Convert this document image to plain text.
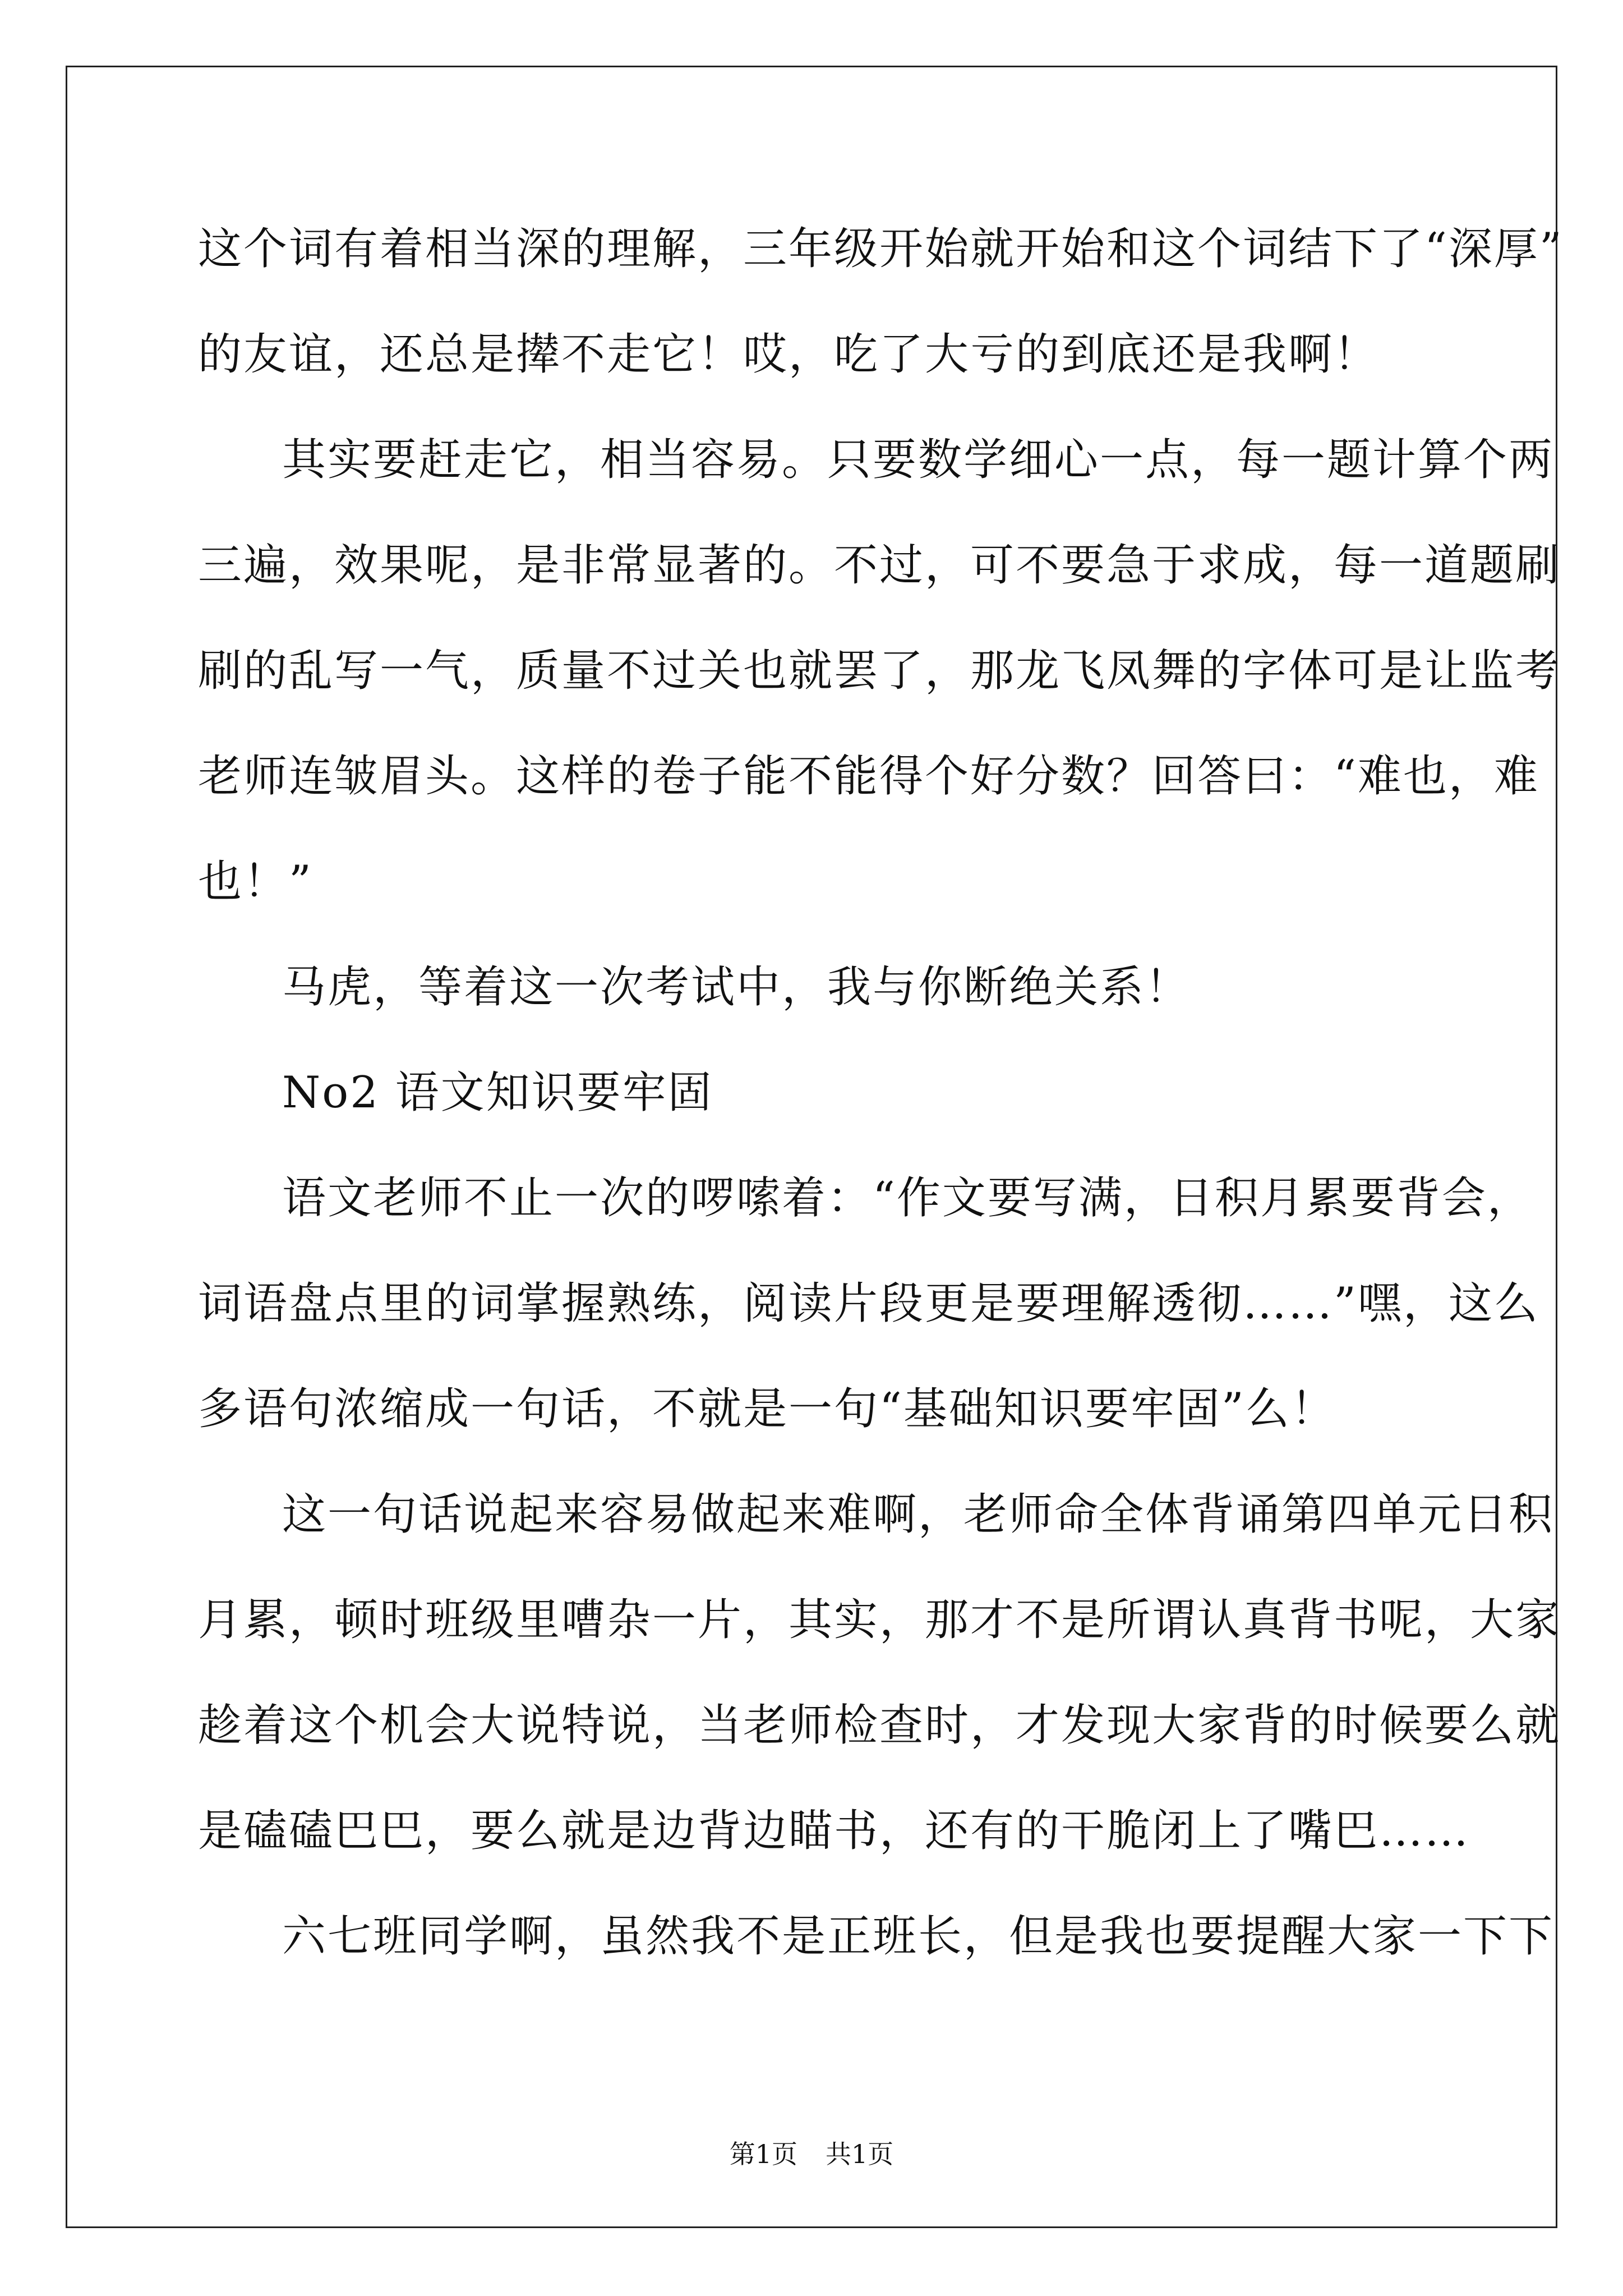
这个词有着相当深的理解，三年级开始就开始和这个词结下了“深厚”
的友谊，还总是撵不走它！哎，吃了大亏的到底还是我啊！
其实要赶走它，相当容易。只要数学细心一点，每一题计算个两
三遍，效果呢，是非常显著的。不过，可不要急于求成，每一道题刷
刷的乱写一气，质量不过关也就罢了，那龙飞凤舞的字体可是让监考
老师连皱眉头。这样的卷子能不能得个好分数？回答曰：“难也，难
也！”
马虎，等着这一次考试中，我与你断绝关系！
No2 语文知识要牢固
语文老师不止一次的啰嗦着：“作文要写满，日积月累要背会，
词语盘点里的词掌握熟练，阅读片段更是要理解透彻……”嘿，这么
多语句浓缩成一句话，不就是一句“基础知识要牢固”么！
这一句话说起来容易做起来难啊，老师命全体背诵第四单元日积
月累，顿时班级里嘈杂一片，其实，那才不是所谓认真背书呢，大家
趁着这个机会大说特说，当老师检查时，才发现大家背的时候要么就
是磕磕巴巴，要么就是边背边瞄书，还有的干脆闭上了嘴巴……
六七班同学啊，虽然我不是正班长，但是我也要提醒大家一下下
第1页 共1页
